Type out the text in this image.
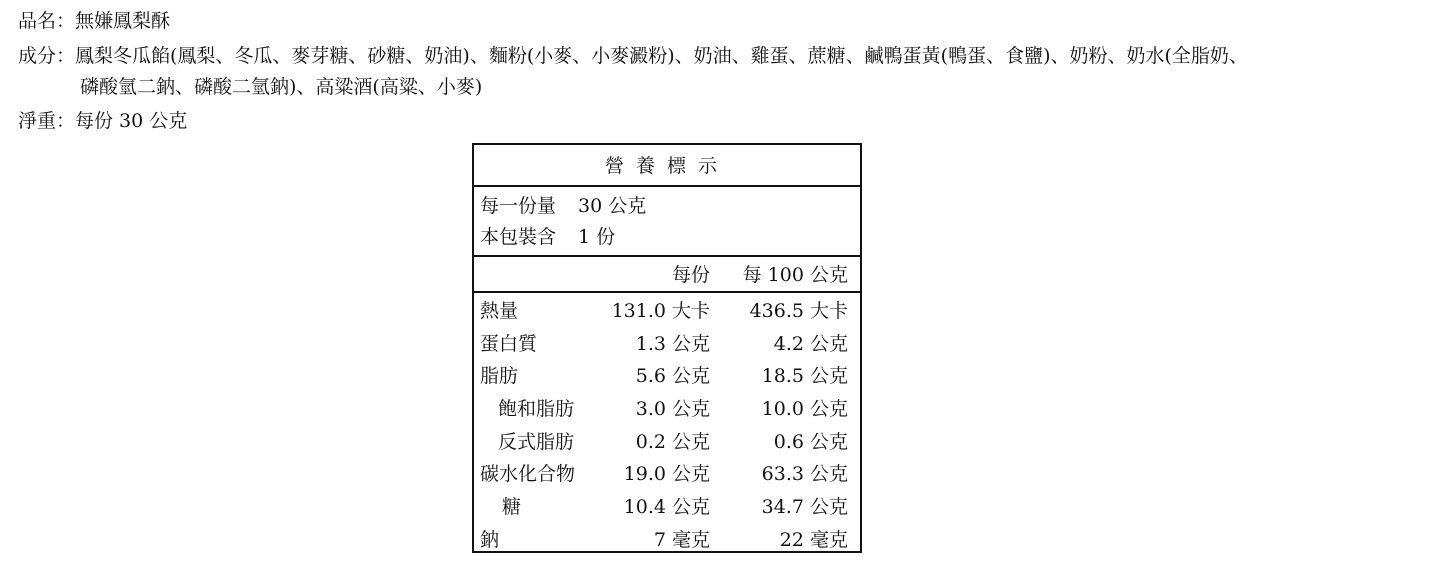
品名：無嫌鳳梨酥
成分：鳳梨冬瓜餡(鳳梨、冬瓜、麥芽糖、砂糖、奶油)、麵粉(小麥、小麥澱粉)、奶油、雞蛋、蔗糖、鹹鴨蛋黃(鴨蛋、食鹽)、奶粉、奶水(全脂奶、
磷酸氫二鈉、磷酸二氫鈉)、高粱酒(高粱、小麥)
淨重：每份 30 公克
營養標示
每一份量 30 公克
本包裝含 1 份
每份 每 100 公克
熱量	131.0 大卡 436.5 大卡
蛋白質	1.3 公克	4.2 公克
脂肪	5.6 公克	18.5 公克
飽和脂肪	3.0 公克	10.0 公克
反式脂肪	0.2 公克	0.6 公克
碳水化合物	19.0 公克	63.3 公克
糖	10.4 公克	34.7 公克
鈉	7 毫克	22 毫克
